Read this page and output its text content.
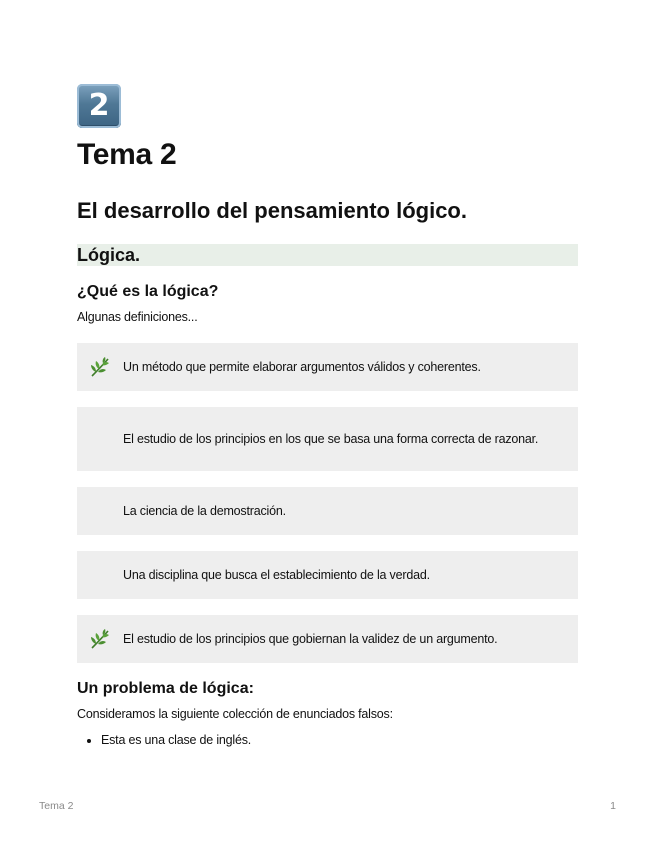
2
Tema 2
El desarrollo del pensamiento lógico.
Lógica.
¿Qué es la lógica?

Algunas definiciones...

Un método que permite elaborar argumentos válidos y coherentes.
El estudio de los principios en los que se basa una forma correcta de razonar.
La ciencia de la demostración.
Una disciplina que busca el establecimiento de la verdad.
El estudio de los principios que gobiernan la validez de un argumento.
Un problema de lógica:

Consideramos la siguiente colección de enunciados falsos:

• Esta es una clase de inglés.
Tema 2	1
